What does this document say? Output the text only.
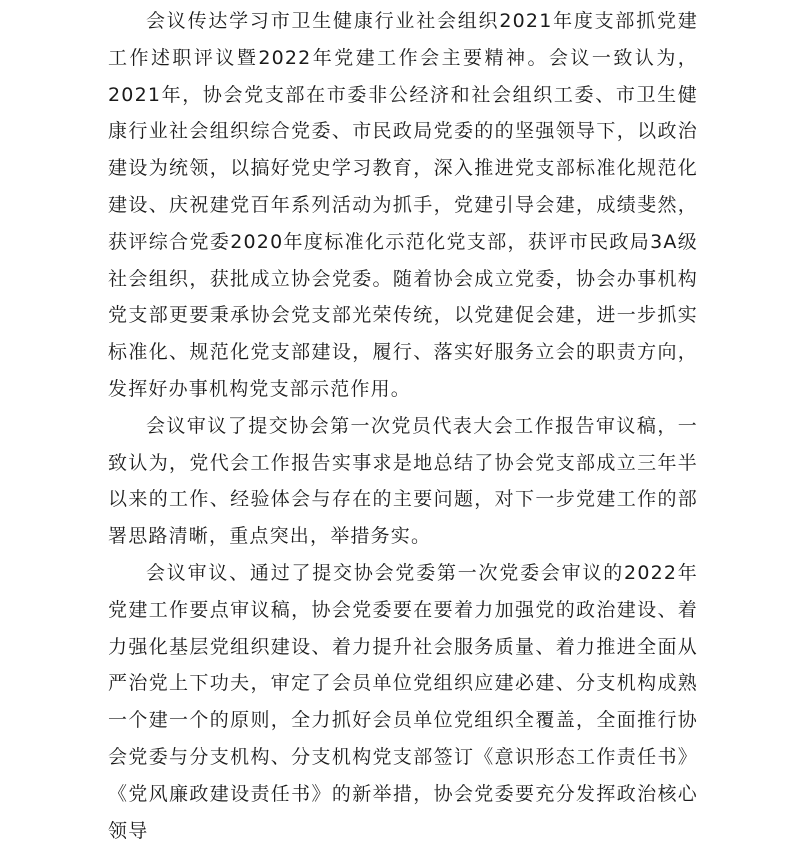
会议传达学习市卫生健康行业社会组织2021年度支部抓党建工作述职评议暨2022年党建工作会主要精神。会议一致认为， 2021年，协会党支部在市委非公经济和社会组织工委、市卫生健康行业社会组织综合党委、市民政局党委的的坚强领导下，以政治建设为统领，以搞好党史学习教育，深入推进党支部标准化规范化建设、庆祝建党百年系列活动为抓手，党建引导会建，成绩斐然，获评综合党委2020年度标准化示范化党支部，获评市民政局3A级社会组织，获批成立协会党委。随着协会成立党委，协会办事机构党支部更要秉承协会党支部光荣传统，以党建促会建，进一步抓实标准化、规范化党支部建设，履行、落实好服务立会的职责方向，发挥好办事机构党支部示范作用。

会议审议了提交协会第一次党员代表大会工作报告审议稿，一致认为，党代会工作报告实事求是地总结了协会党支部成立三年半以来的工作、经验体会与存在的主要问题，对下一步党建工作的部署思路清晰，重点突出，举措务实。

会议审议、通过了提交协会党委第一次党委会审议的2022年党建工作要点审议稿，协会党委要在要着力加强党的政治建设、着力强化基层党组织建设、着力提升社会服务质量、着力推进全面从严治党上下功夫，审定了会员单位党组织应建必建、分支机构成熟一个建一个的原则，全力抓好会员单位党组织全覆盖，全面推行协会党委与分支机构、分支机构党支部签订《意识形态工作责任书》《党风廉政建设责任书》的新举措，协会党委要充分发挥政治核心领导
